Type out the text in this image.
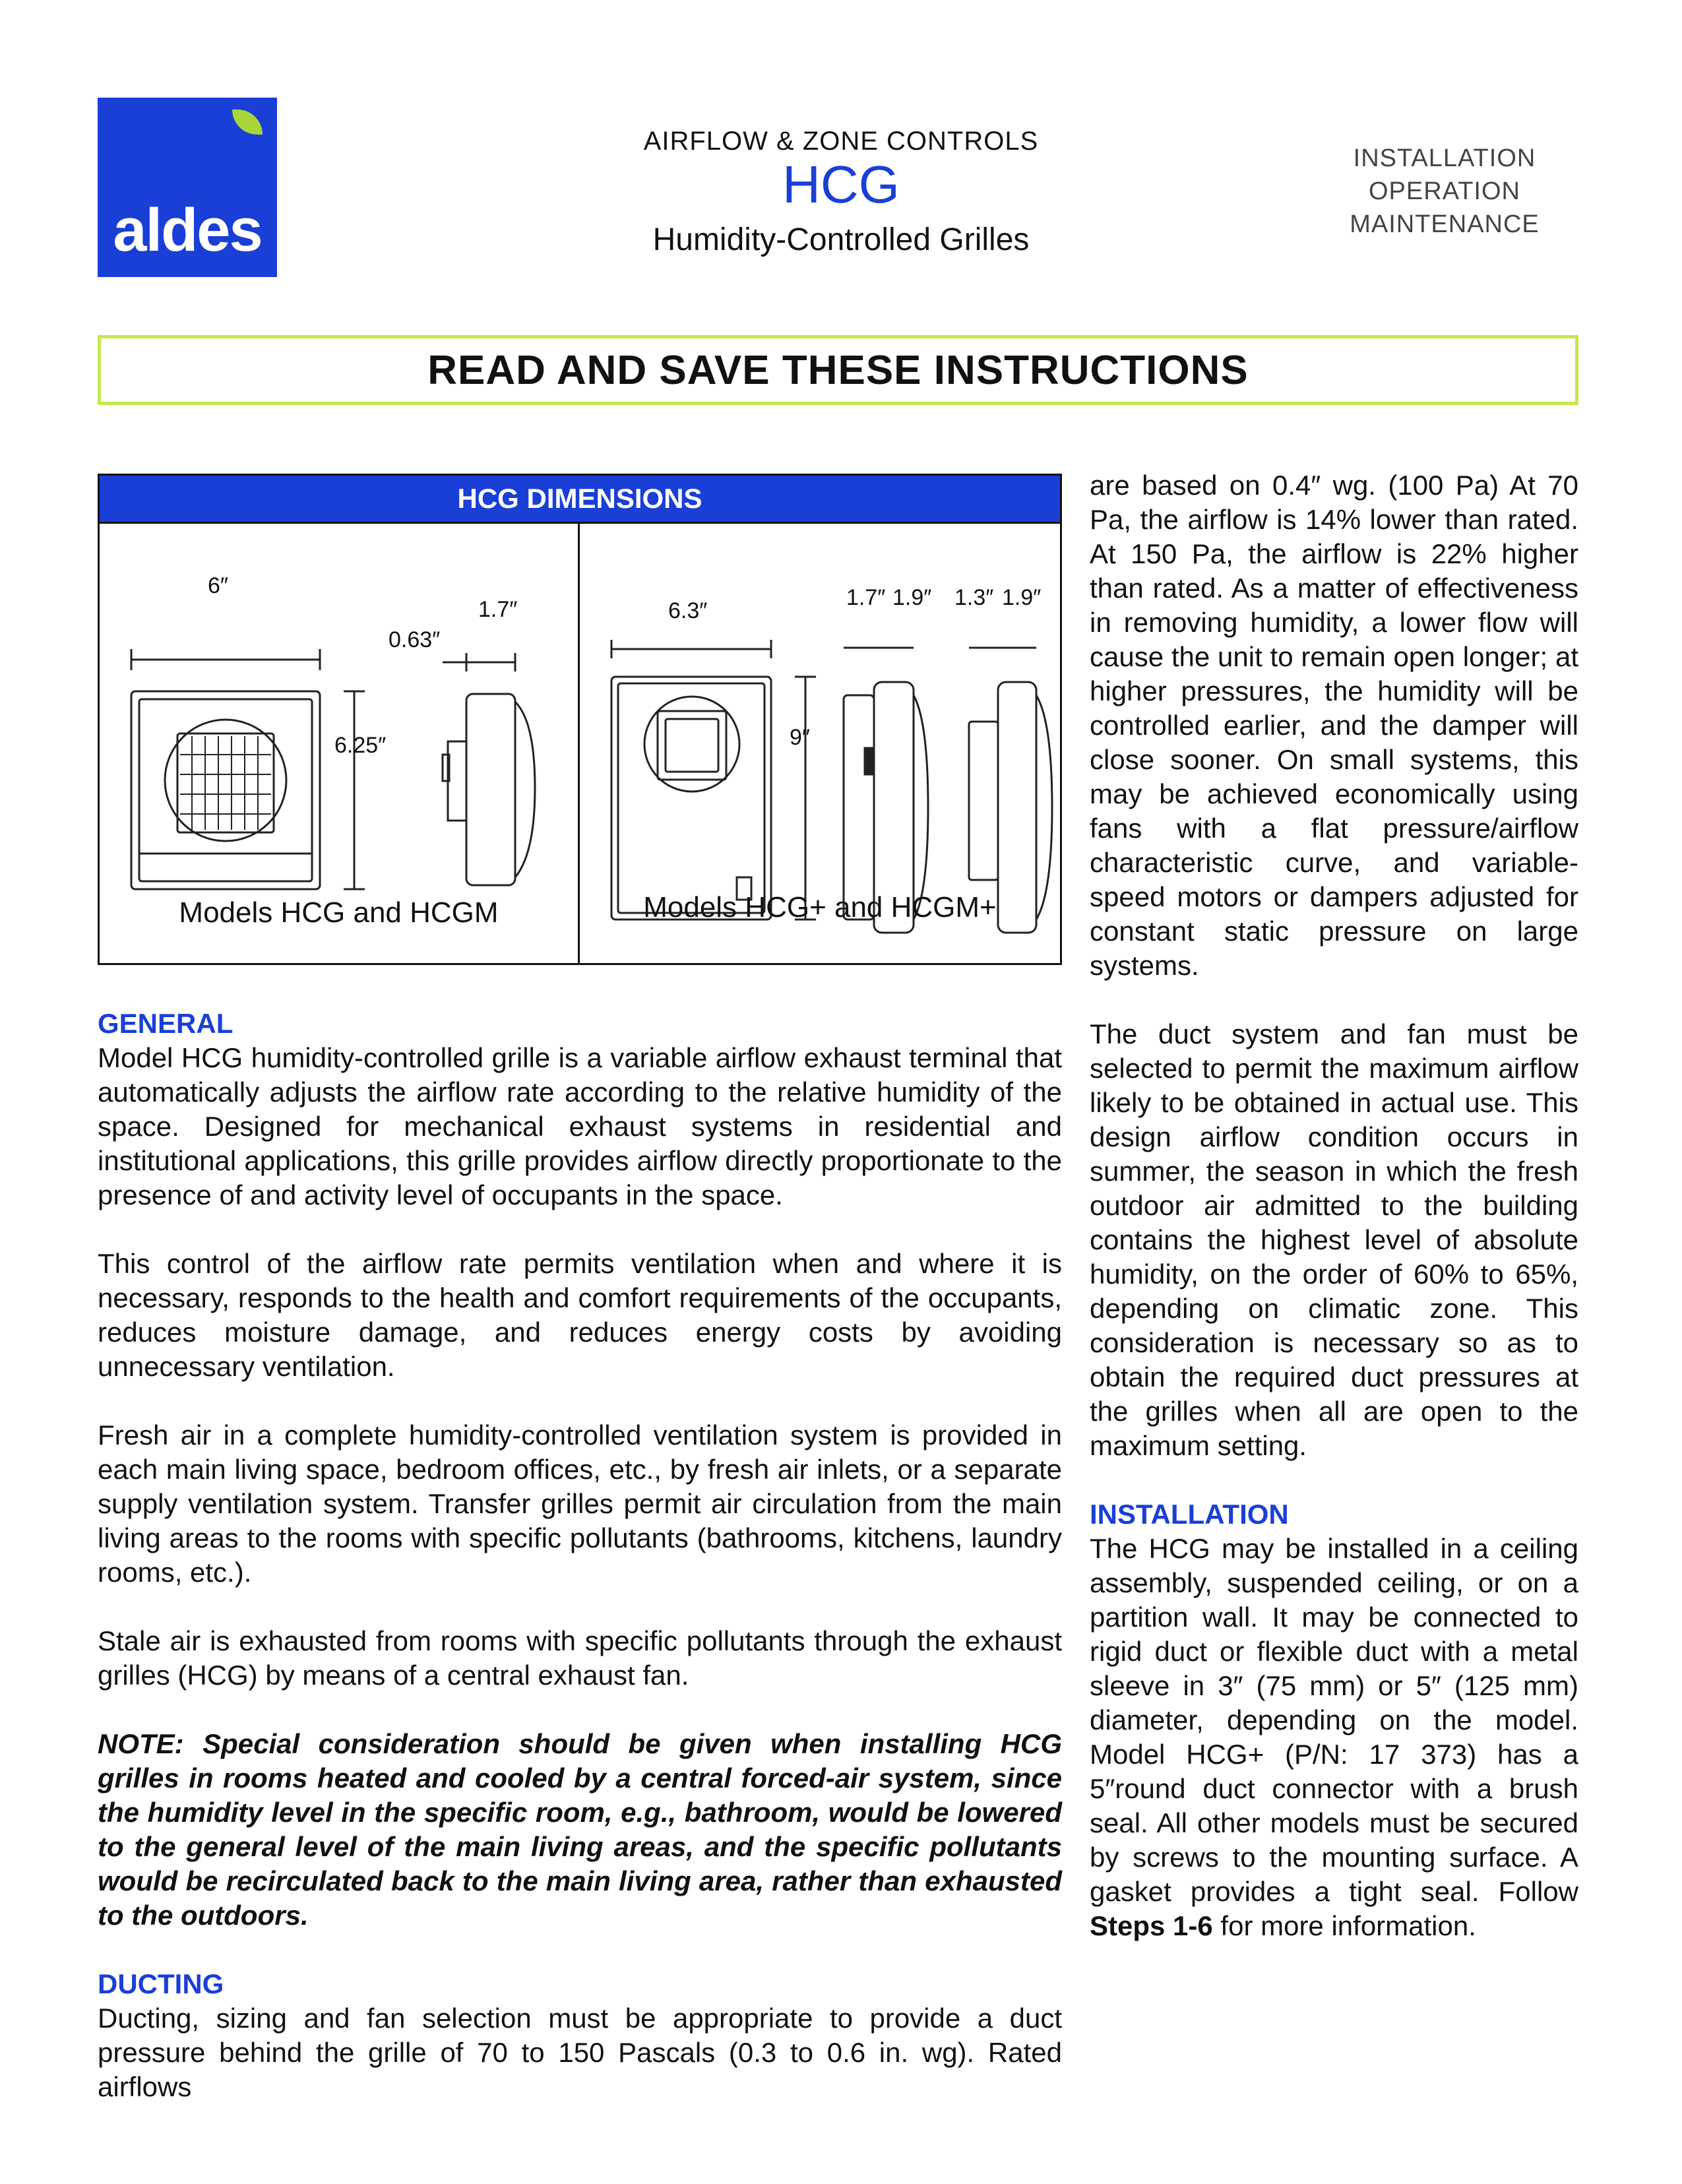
aldes
AIRFLOW & ZONE CONTROLS
HCG
Humidity-Controlled Grilles
INSTALLATION
OPERATION
MAINTENANCE
READ AND SAVE THESE INSTRUCTIONS
HCG DIMENSIONS
6″
0.63″
1.7″
6.25″
6.3″
9″
1.7″ 1.9″ 1.3″ 1.9″
Models HCG and HCGM	Models HCG+ and HCGM+

GENERAL
Model HCG humidity-controlled grille is a variable airflow exhaust terminal that automatically adjusts the airflow rate according to the relative humidity of the space. Designed for mechanical exhaust systems in residential and institutional applications, this grille provides airflow directly proportionate to the presence of and activity level of occupants in the space.

This control of the airflow rate permits ventilation when and where it is necessary, responds to the health and comfort requirements of the occupants, reduces moisture damage, and reduces energy costs by avoiding unnecessary ventilation.

Fresh air in a complete humidity-controlled ventilation system is provided in each main living space, bedroom offices, etc., by fresh air inlets, or a separate supply ventilation system. Transfer grilles permit air circulation from the main living areas to the rooms with specific pollutants (bathrooms, kitchens, laundry rooms, etc.).

Stale air is exhausted from rooms with specific pollutants through the exhaust grilles (HCG) by means of a central exhaust fan.

NOTE: Special consideration should be given when installing HCG grilles in rooms heated and cooled by a central forced-air system, since the humidity level in the specific room, e.g., bathroom, would be lowered to the general level of the main living areas, and the specific pollutants would be recirculated back to the main living area, rather than exhausted to the outdoors.

DUCTING
Ducting, sizing and fan selection must be appropriate to provide a duct pressure behind the grille of 70 to 150 Pascals (0.3 to 0.6 in. wg). Rated airflows

are based on 0.4″ wg. (100 Pa) At 70 Pa, the airflow is 14% lower than rated. At 150 Pa, the airflow is 22% higher than rated. As a matter of effectiveness in removing humidity, a lower flow will cause the unit to remain open longer; at higher pressures, the humidity will be controlled earlier, and the damper will close sooner. On small systems, this may be achieved economically using fans with a flat pressure/airflow characteristic curve, and variable-speed motors or dampers adjusted for constant static pressure on large systems.

The duct system and fan must be selected to permit the maximum airflow likely to be obtained in actual use. This design airflow condition occurs in summer, the season in which the fresh outdoor air admitted to the building contains the highest level of absolute humidity, on the order of 60% to 65%, depending on climatic zone. This consideration is necessary so as to obtain the required duct pressures at the grilles when all are open to the maximum setting.

INSTALLATION
The HCG may be installed in a ceiling assembly, suspended ceiling, or on a partition wall. It may be connected to rigid duct or flexible duct with a metal sleeve in 3″ (75 mm) or 5″ (125 mm) diameter, depending on the model. Model HCG+ (P/N: 17 373) has a 5″round duct connector with a brush seal. All other models must be secured by screws to the mounting surface. A gasket provides a tight seal. Follow Steps 1-6 for more information.
